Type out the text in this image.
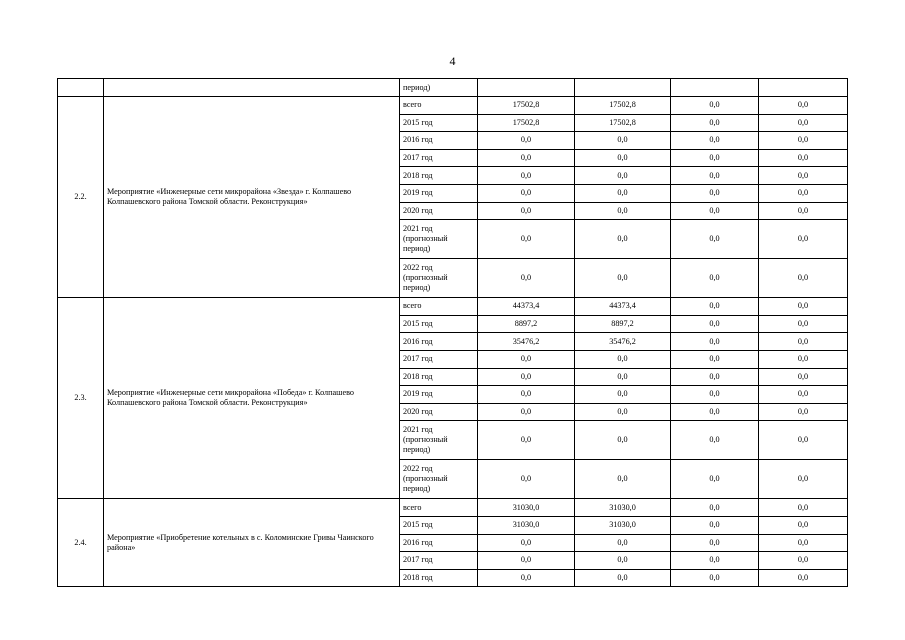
4
		период)				
2.2.	Мероприятие «Инженерные сети микрорайона «Звезда» г. Колпашево Колпашевского района Томской области. Реконструкция»	всего	17502,8	17502,8	0,0	0,0
		2015 год	17502,8	17502,8	0,0	0,0
		2016 год	0,0	0,0	0,0	0,0
		2017 год	0,0	0,0	0,0	0,0
		2018 год	0,0	0,0	0,0	0,0
		2019 год	0,0	0,0	0,0	0,0
		2020 год	0,0	0,0	0,0	0,0
		2021 год (прогнозный период)	0,0	0,0	0,0	0,0
		2022 год (прогнозный период)	0,0	0,0	0,0	0,0
2.3.	Мероприятие «Инженерные сети микрорайона «Победа» г. Колпашево Колпашевского района Томской области. Реконструкция»	всего	44373,4	44373,4	0,0	0,0
		2015 год	8897,2	8897,2	0,0	0,0
		2016 год	35476,2	35476,2	0,0	0,0
		2017 год	0,0	0,0	0,0	0,0
		2018 год	0,0	0,0	0,0	0,0
		2019 год	0,0	0,0	0,0	0,0
		2020 год	0,0	0,0	0,0	0,0
		2021 год (прогнозный период)	0,0	0,0	0,0	0,0
		2022 год (прогнозный период)	0,0	0,0	0,0	0,0
2.4.	Мероприятие «Приобретение котельных в с. Коломинские Гривы Чаинского района»	всего	31030,0	31030,0	0,0	0,0
		2015 год	31030,0	31030,0	0,0	0,0
		2016 год	0,0	0,0	0,0	0,0
		2017 год	0,0	0,0	0,0	0,0
		2018 год	0,0	0,0	0,0	0,0
